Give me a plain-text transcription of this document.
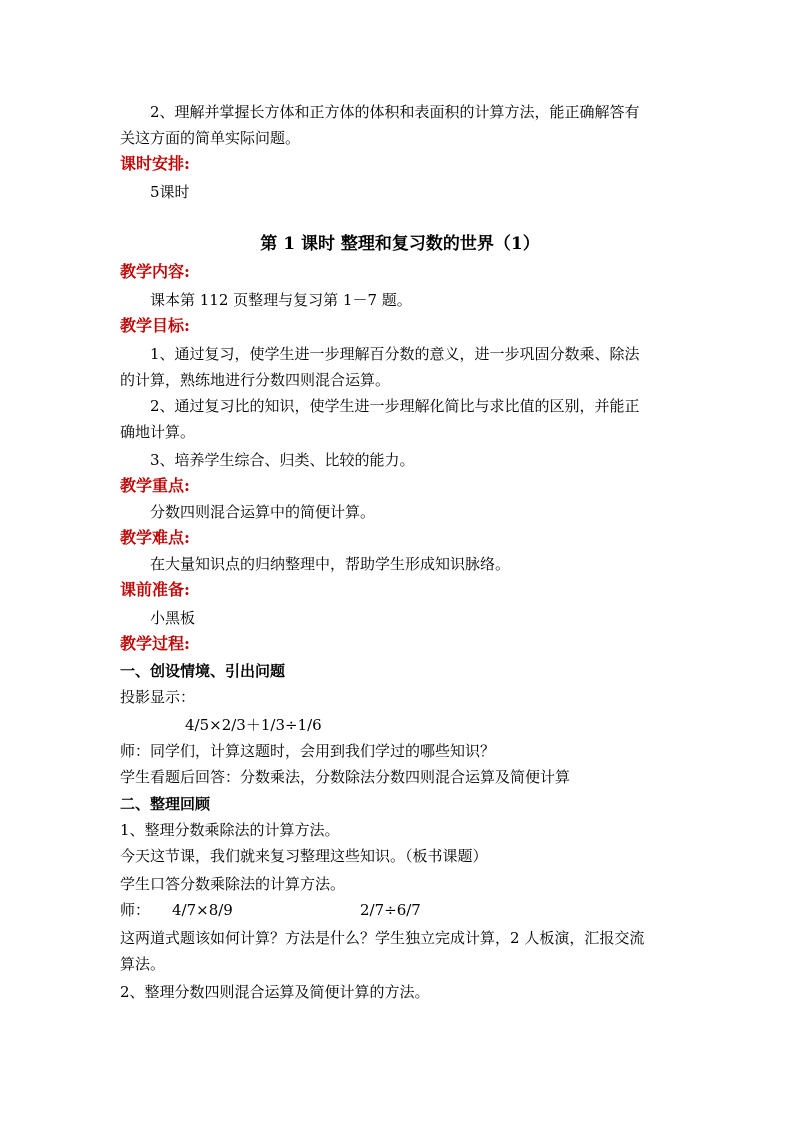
2、理解并掌握长方体和正方体的体积和表面积的计算方法，能正确解答有
关这方面的简单实际问题。
课时安排:
5课时
第 1 课时 整理和复习数的世界（1）
教学内容:
课本第 112 页整理与复习第 1－7 题。
教学目标:
1、通过复习，使学生进一步理解百分数的意义，进一步巩固分数乘、除法
的计算，熟练地进行分数四则混合运算。
2、通过复习比的知识，使学生进一步理解化简比与求比值的区别，并能正
确地计算。
3、培养学生综合、归类、比较的能力。
教学重点:
分数四则混合运算中的简便计算。
教学难点:
在大量知识点的归纳整理中，帮助学生形成知识脉络。
课前准备:
小黑板
教学过程:
一、创设情境、引出问题
投影显示：
4/5×2/3＋1/3÷1/6
师：同学们，计算这题时，会用到我们学过的哪些知识？
学生看题后回答：分数乘法，分数除法分数四则混合运算及简便计算
二、整理回顾
1、整理分数乘除法的计算方法。
今天这节课，我们就来复习整理这些知识。（板书课题）
学生口答分数乘除法的计算方法。
师： 4/7×8/9	2/7÷6/7
这两道式题该如何计算？方法是什么？学生独立完成计算，2 人板演，汇报交流
算法。
2、整理分数四则混合运算及简便计算的方法。
